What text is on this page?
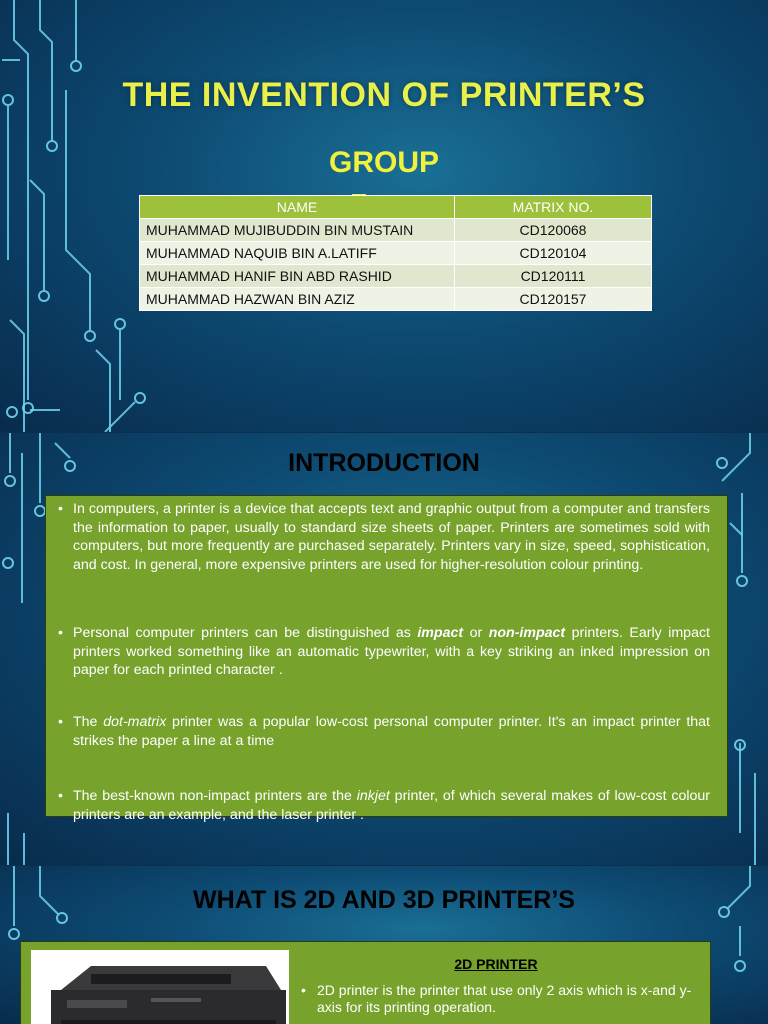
THE INVENTION OF PRINTER’S
GROUP
NAME	MATRIX NO.
MUHAMMAD MUJIBUDDIN BIN MUSTAIN	CD120068
MUHAMMAD NAQUIB BIN A.LATIFF	CD120104
MUHAMMAD HANIF BIN ABD RASHID	CD120111
MUHAMMAD HAZWAN BIN AZIZ	CD120157
INTRODUCTION
• In computers, a printer is a device that accepts text and graphic output from a computer and transfers the information to paper, usually to standard size sheets of paper. Printers are sometimes sold with computers, but more frequently are purchased separately. Printers vary in size, speed, sophistication, and cost. In general, more expensive printers are used for higher-resolution colour printing.
• Personal computer printers can be distinguished as impact or non-impact printers. Early impact printers worked something like an automatic typewriter, with a key striking an inked impression on paper for each printed character .
• The dot-matrix printer was a popular low-cost personal computer printer. It's an impact printer that strikes the paper a line at a time
• The best-known non-impact printers are the inkjet printer, of which several makes of low-cost colour printers are an example, and the laser printer .
WHAT IS 2D AND 3D PRINTER’S
2D PRINTER
• 2D printer is the printer that use only 2 axis which is x-and y-axis for its printing operation.
